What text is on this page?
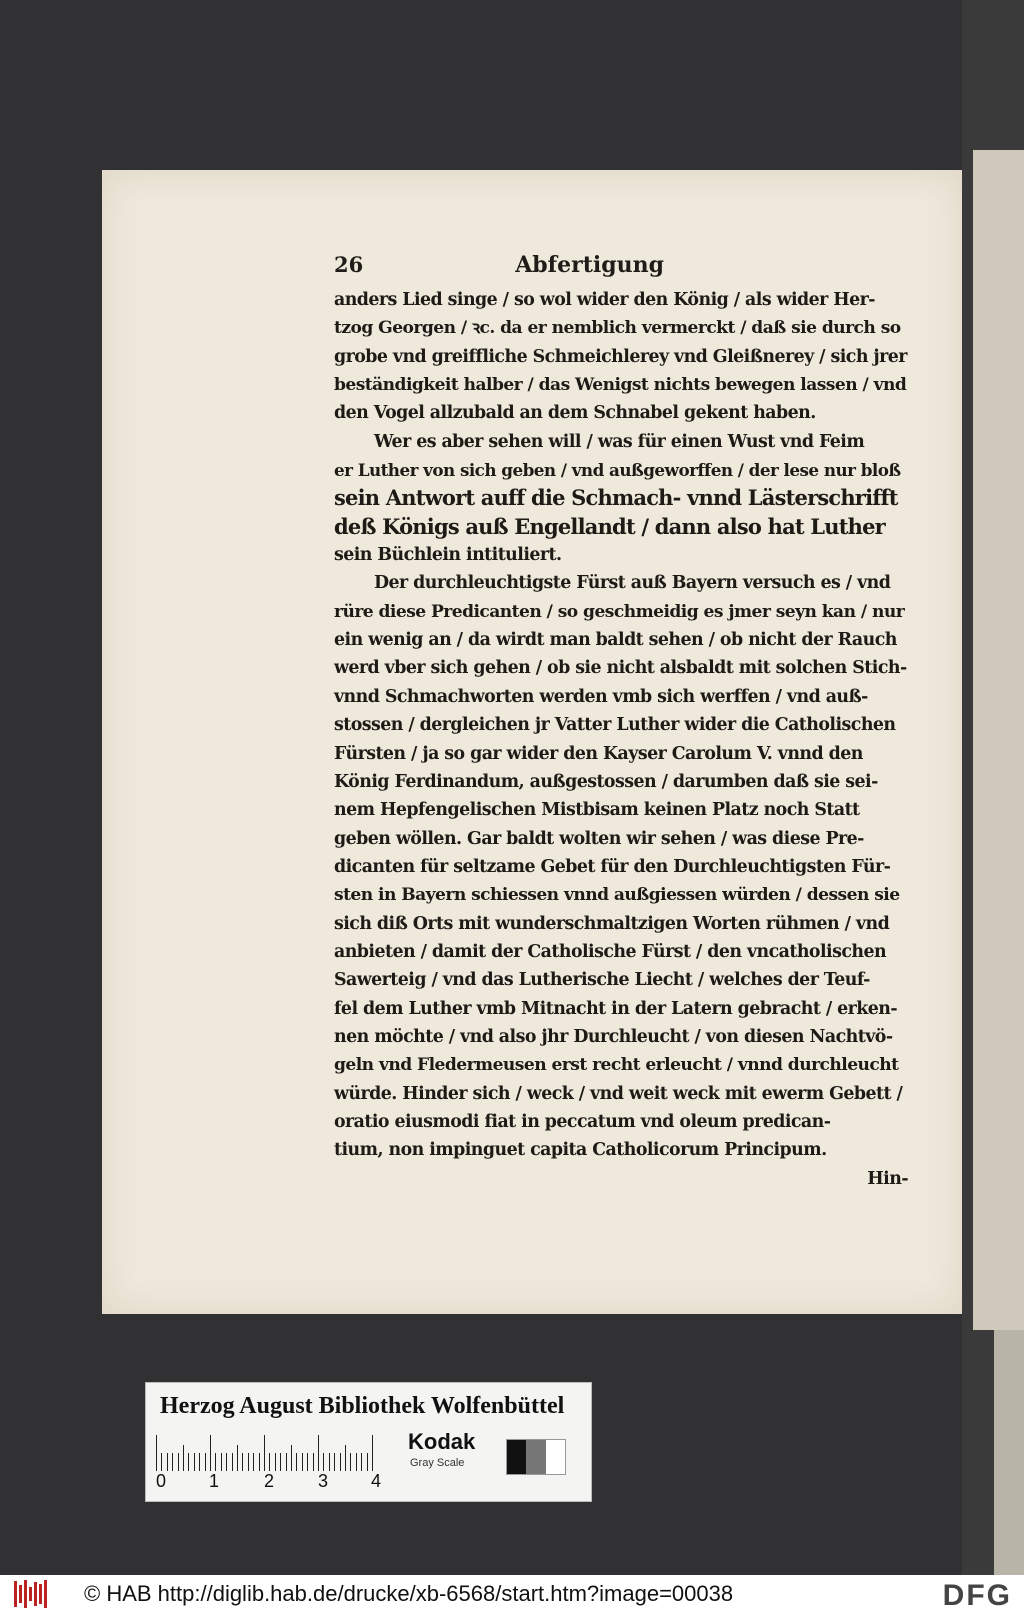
26	Abfertigung
anders Lied singe / so wol wider den König / als wider Her-
tzog Georgen / ꝛc. da er nemblich vermerckt / daß sie durch so
grobe vnd greiffliche Schmeichlerey vnd Gleißnerey / sich jrer
beständigkeit halber / das Wenigst nichts bewegen lassen / vnd
den Vogel allzubald an dem Schnabel gekent haben.
Wer es aber sehen will / was für einen Wust vnd Feim
er Luther von sich geben / vnd außgeworffen / der lese nur bloß
sein Antwort auff die Schmach- vnnd Lästerschrifft
deß Königs auß Engellandt / dann also hat Luther
sein Büchlein intituliert.
Der durchleuchtigste Fürst auß Bayern versuch es / vnd
rüre diese Predicanten / so geschmeidig es jmer seyn kan / nur
ein wenig an / da wirdt man baldt sehen / ob nicht der Rauch
werd vber sich gehen / ob sie nicht alsbaldt mit solchen Stich-
vnnd Schmachworten werden vmb sich werffen / vnd auß-
stossen / dergleichen jr Vatter Luther wider die Catholischen
Fürsten / ja so gar wider den Kayser Carolum V. vnnd den
König Ferdinandum, außgestossen / darumben daß sie sei-
nem Hepfengelischen Mistbisam keinen Platz noch Statt
geben wöllen. Gar baldt wolten wir sehen / was diese Pre-
dicanten für seltzame Gebet für den Durchleuchtigsten Für-
sten in Bayern schiessen vnnd außgiessen würden / dessen sie
sich diß Orts mit wunderschmaltzigen Worten rühmen / vnd
anbieten / damit der Catholische Fürst / den vncatholischen
Sawerteig / vnd das Lutherische Liecht / welches der Teuf-
fel dem Luther vmb Mitnacht in der Latern gebracht / erken-
nen möchte / vnd also jhr Durchleucht / von diesen Nachtvö-
geln vnd Fledermeusen erst recht erleucht / vnnd durchleucht
würde. Hinder sich / weck / vnd weit weck mit ewerm Gebett /
oratio eiusmodi fiat in peccatum vnd oleum predican-
tium, non impinguet capita Catholicorum Principum.
Hin-
Herzog August Bibliothek Wolfenbüttel
0 1 2 3 4
Kodak
Gray Scale
© HAB http://diglib.hab.de/drucke/xb-6568/start.htm?image=00038	DFG
